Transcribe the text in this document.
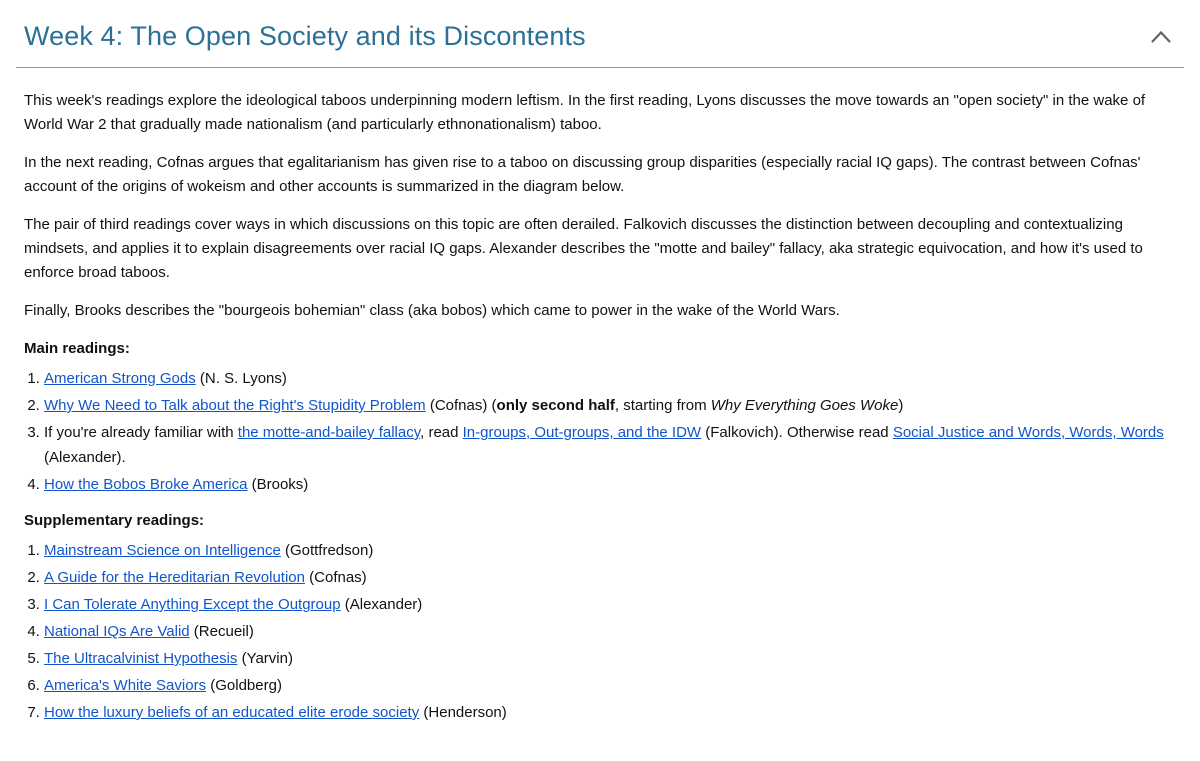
Week 4: The Open Society and its Discontents

This week's readings explore the ideological taboos underpinning modern leftism. In the first reading, Lyons discusses the move towards an "open society" in the wake of World War 2 that gradually made nationalism (and particularly ethnonationalism) taboo.

In the next reading, Cofnas argues that egalitarianism has given rise to a taboo on discussing group disparities (especially racial IQ gaps). The contrast between Cofnas' account of the origins of wokeism and other accounts is summarized in the diagram below.

The pair of third readings cover ways in which discussions on this topic are often derailed. Falkovich discusses the distinction between decoupling and contextualizing mindsets, and applies it to explain disagreements over racial IQ gaps. Alexander describes the "motte and bailey" fallacy, aka strategic equivocation, and how it's used to enforce broad taboos.

Finally, Brooks describes the "bourgeois bohemian" class (aka bobos) which came to power in the wake of the World Wars.

Main readings:

1. American Strong Gods (N. S. Lyons)
2. Why We Need to Talk about the Right's Stupidity Problem (Cofnas) (only second half, starting from Why Everything Goes Woke)
3. If you're already familiar with the motte-and-bailey fallacy, read In-groups, Out-groups, and the IDW (Falkovich). Otherwise read Social Justice and Words, Words, Words (Alexander).
4. How the Bobos Broke America (Brooks)

Supplementary readings:

1. Mainstream Science on Intelligence (Gottfredson)
2. A Guide for the Hereditarian Revolution (Cofnas)
3. I Can Tolerate Anything Except the Outgroup (Alexander)
4. National IQs Are Valid (Recueil)
5. The Ultracalvinist Hypothesis (Yarvin)
6. America's White Saviors (Goldberg)
7. How the luxury beliefs of an educated elite erode society (Henderson)
